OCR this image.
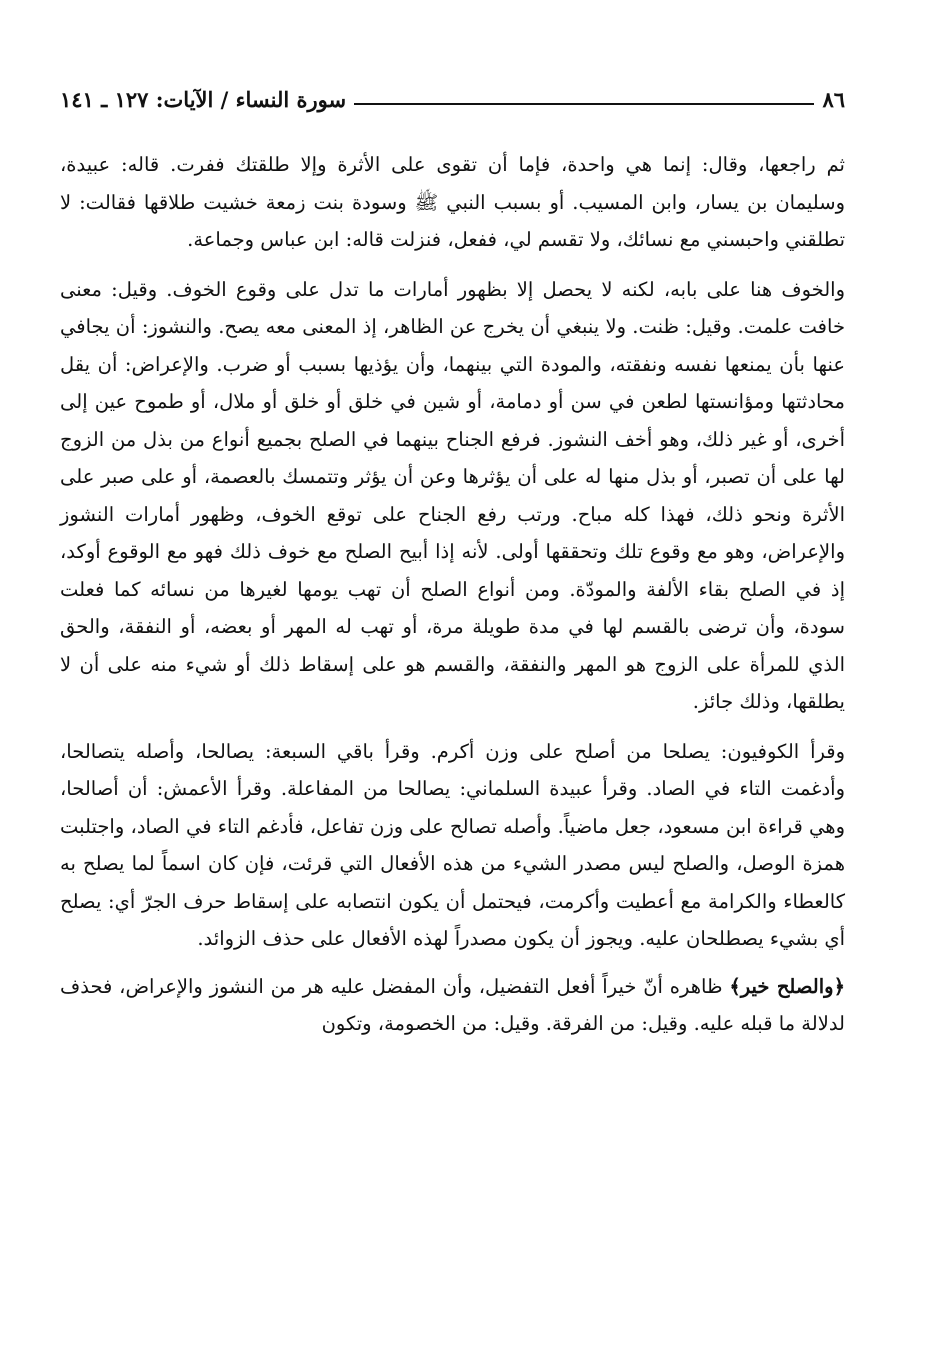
٨٦
سورة النساء / الآيات: ١٢٧ ـ ١٤١

ثم راجعها، وقال: إنما هي واحدة، فإما أن تقوى على الأثرة وإلا طلقتك ففرت. قاله: عبيدة، وسليمان بن يسار، وابن المسيب. أو بسبب النبي ﷺ وسودة بنت زمعة خشيت طلاقها فقالت: لا تطلقني واحبسني مع نسائك، ولا تقسم لي، ففعل، فنزلت قاله: ابن عباس وجماعة.

والخوف هنا على بابه، لكنه لا يحصل إلا بظهور أمارات ما تدل على وقوع الخوف. وقيل: معنى خافت علمت. وقيل: ظنت. ولا ينبغي أن يخرج عن الظاهر، إذ المعنى معه يصح. والنشوز: أن يجافي عنها بأن يمنعها نفسه ونفقته، والمودة التي بينهما، وأن يؤذيها بسبب أو ضرب. والإعراض: أن يقل محادثتها ومؤانستها لطعن في سن أو دمامة، أو شين في خلق أو خلق أو ملال، أو طموح عين إلى أخرى، أو غير ذلك، وهو أخف النشوز. فرفع الجناح بينهما في الصلح بجميع أنواع من بذل من الزوج لها على أن تصبر، أو بذل منها له على أن يؤثرها وعن أن يؤثر وتتمسك بالعصمة، أو على صبر على الأثرة ونحو ذلك، فهذا كله مباح. ورتب رفع الجناح على توقع الخوف، وظهور أمارات النشوز والإعراض، وهو مع وقوع تلك وتحققها أولى. لأنه إذا أبيح الصلح مع خوف ذلك فهو مع الوقوع أوكد، إذ في الصلح بقاء الألفة والمودّة. ومن أنواع الصلح أن تهب يومها لغيرها من نسائه كما فعلت سودة، وأن ترضى بالقسم لها في مدة طويلة مرة، أو تهب له المهر أو بعضه، أو النفقة، والحق الذي للمرأة على الزوج هو المهر والنفقة، والقسم هو على إسقاط ذلك أو شيء منه على أن لا يطلقها، وذلك جائز.

وقرأ الكوفيون: يصلحا من أصلح على وزن أكرم. وقرأ باقي السبعة: يصالحا، وأصله يتصالحا، وأدغمت التاء في الصاد. وقرأ عبيدة السلماني: يصالحا من المفاعلة. وقرأ الأعمش: أن أصالحا، وهي قراءة ابن مسعود، جعل ماضياً. وأصله تصالح على وزن تفاعل، فأدغم التاء في الصاد، واجتلبت همزة الوصل، والصلح ليس مصدر الشيء من هذه الأفعال التي قرئت، فإن كان اسماً لما يصلح به كالعطاء والكرامة مع أعطيت وأكرمت، فيحتمل أن يكون انتصابه على إسقاط حرف الجرّ أي: يصلح أي بشيء يصطلحان عليه. ويجوز أن يكون مصدراً لهذه الأفعال على حذف الزوائد.

﴿والصلح خير﴾ ظاهره أنّ خيراً أفعل التفضيل، وأن المفضل عليه هر من النشوز والإعراض، فحذف لدلالة ما قبله عليه. وقيل: من الفرقة. وقيل: من الخصومة، وتكون
